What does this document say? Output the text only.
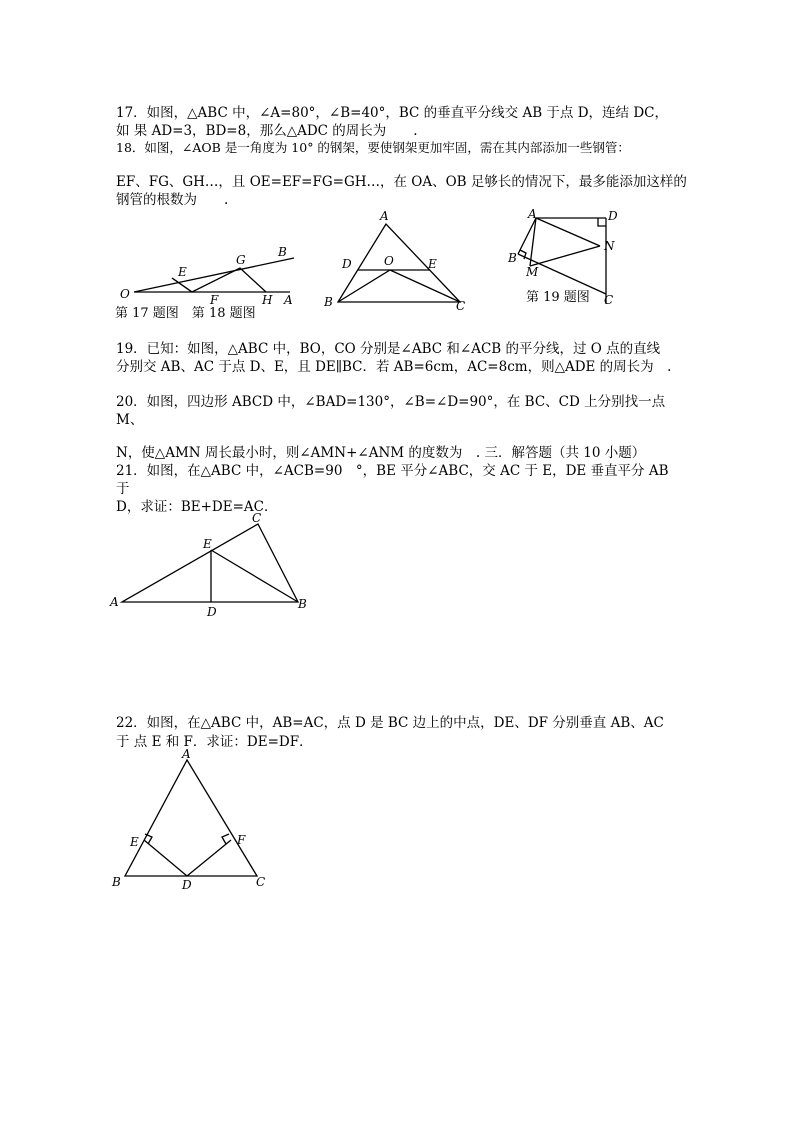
17．如图，△ABC 中，∠A=80°，∠B=40°，BC 的垂直平分线交 AB 于点 D，连结 DC，
如 果 AD=3，BD=8，那么△ADC 的周长为　　.
18．如图，∠AOB 是一角度为 10° 的钢架，要使钢架更加牢固，需在其内部添加一些钢管：
EF、FG、GH…，且 OE=EF=FG=GH…，在 OA、OB 足够长的情况下，最多能添加这样的
钢管的根数为　　.
O
E
G
B
F	H A
第 17 题图　第 18 题图
A
D	O	E
B	C
A	D
N
B
M
C
第 19 题图
19．已知：如图，△ABC 中，BO，CO 分别是∠ABC 和∠ACB 的平分线，过 O 点的直线
分别交 AB、AC 于点 D、E，且 DE∥BC．若 AB=6cm，AC=8cm，则△ADE 的周长为　.
20．如图，四边形 ABCD 中，∠BAD=130°，∠B=∠D=90°，在 BC、CD 上分别找一点
M、
N，使△AMN 周长最小时，则∠AMN+∠ANM 的度数为　. 三．解答题（共 10 小题）
21．如图，在△ABC 中，∠ACB=90　°，BE 平分∠ABC，交 AC 于 E，DE 垂直平分 AB
于
D，求证：BE+DE=AC．
C
E
A
D
B
22．如图，在△ABC 中，AB=AC，点 D 是 BC 边上的中点，DE、DF 分别垂直 AB、AC
于 点 E 和 F．求证：DE=DF．
A
E	F
B	D	C
